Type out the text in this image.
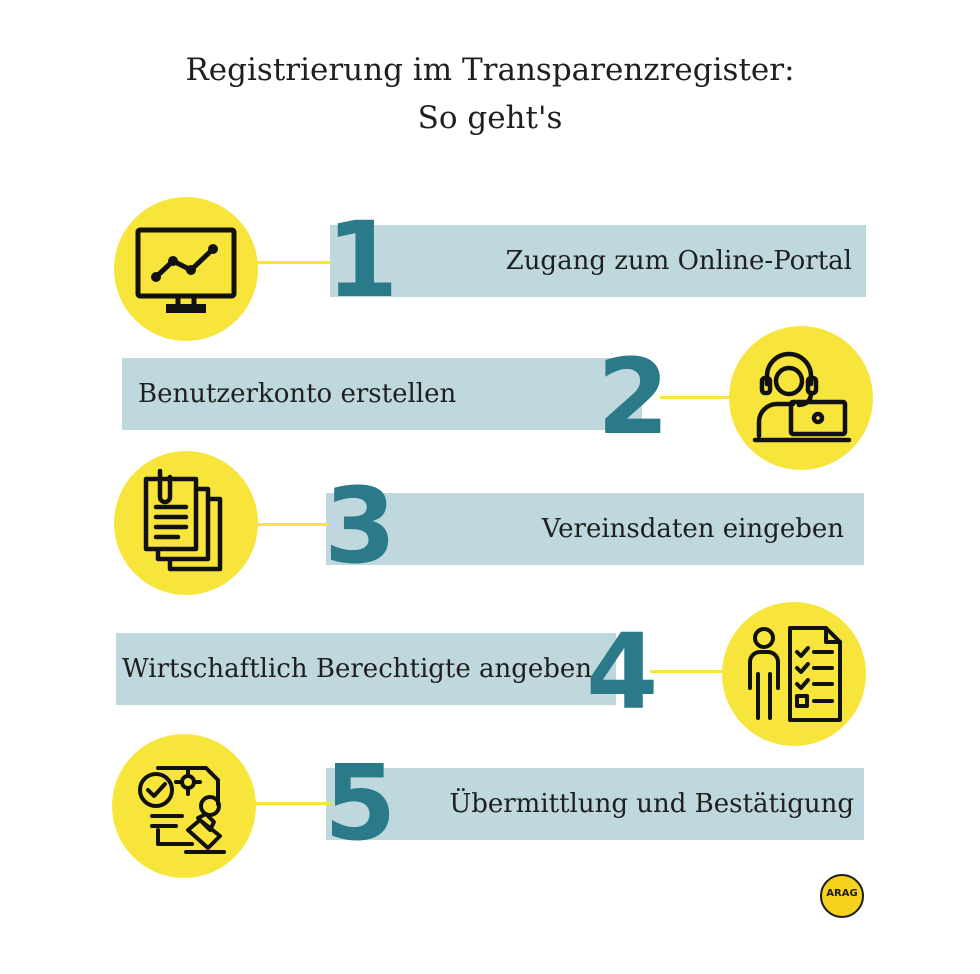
Registrierung im Transparenzregister:
So geht's
Zugang zum Online-Portal
1
Benutzerkonto erstellen 2
Vereinsdaten eingeben
3
Wirtschaftlich Berechtigte angeben
4
Übermittlung und Bestätigung
5
ARAG
